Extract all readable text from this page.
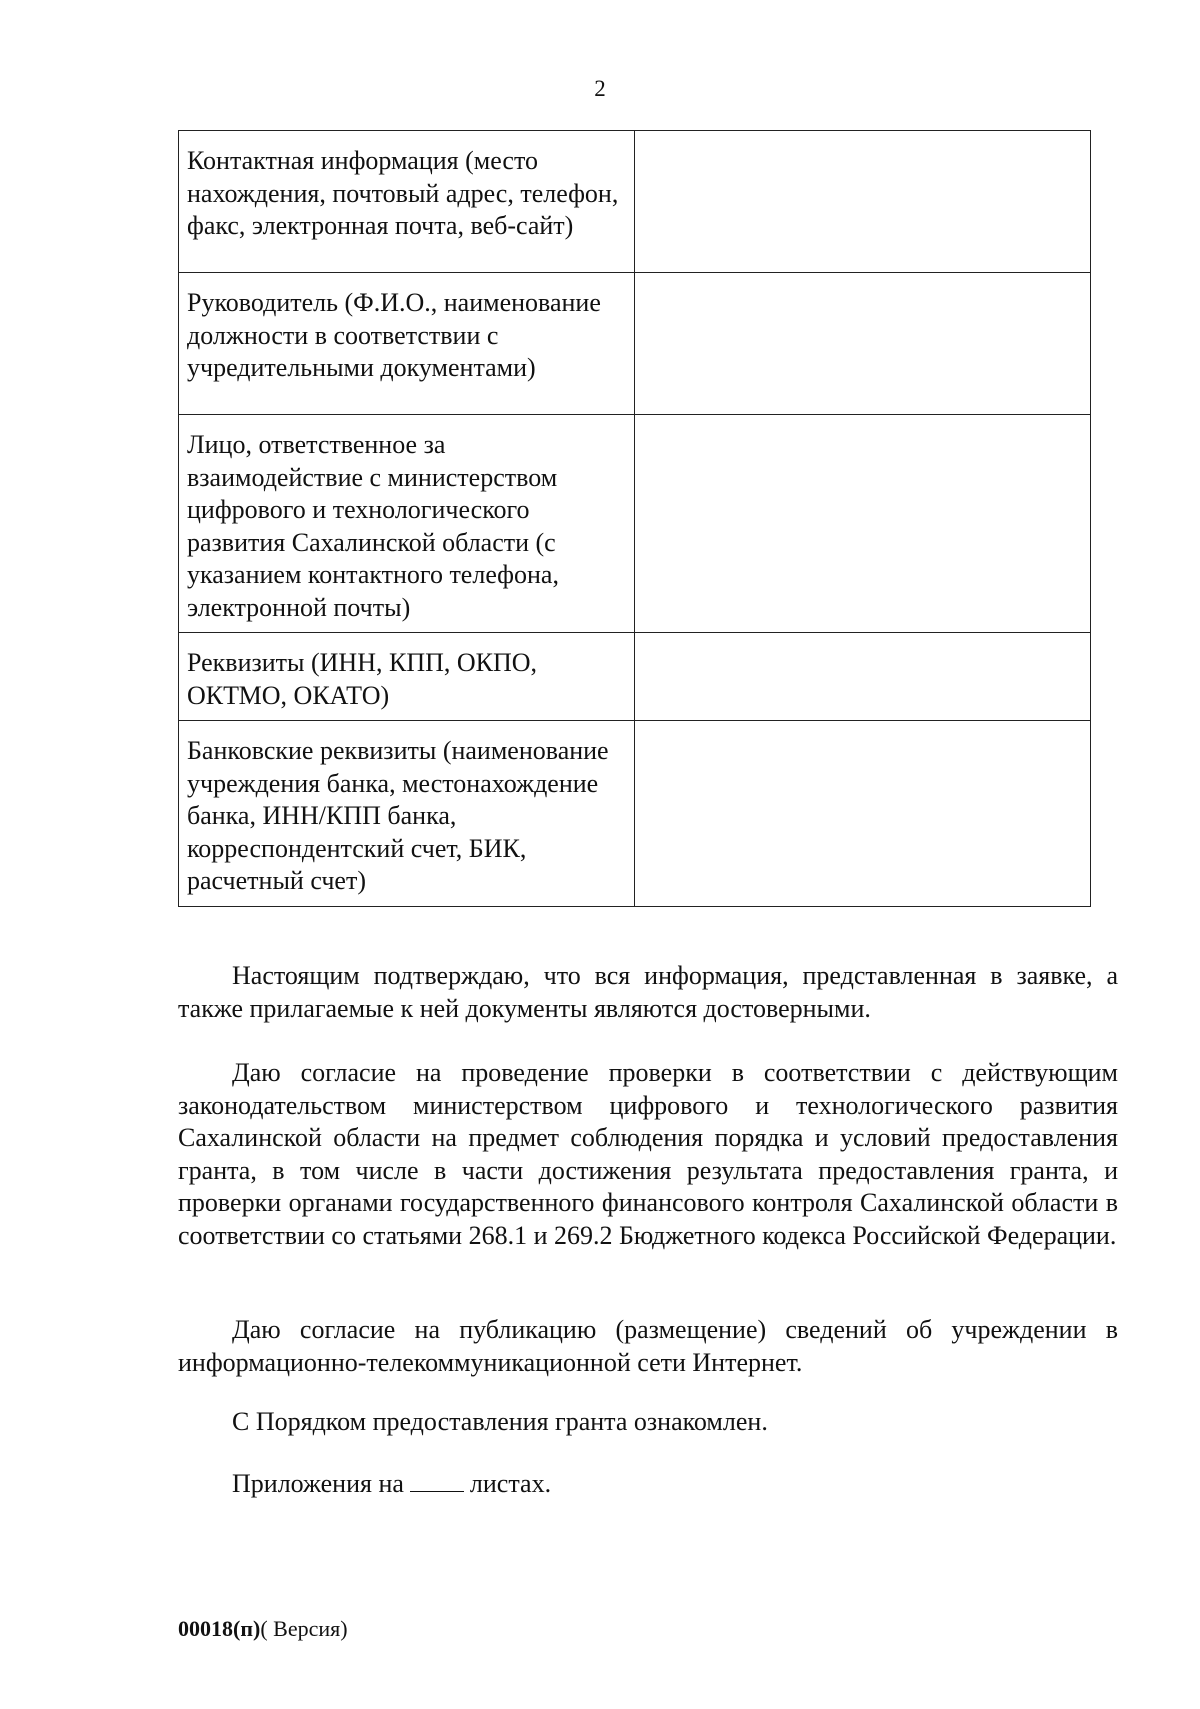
2
Контактная информация (место нахождения, почтовый адрес, телефон, факс, электронная почта, веб-сайт)	
Руководитель (Ф.И.О., наименование должности в соответствии с учредительными документами)	
Лицо, ответственное за взаимодействие с министерством цифрового и технологического развития Сахалинской области (с указанием контактного телефона, электронной почты)	
Реквизиты (ИНН, КПП, ОКПО, ОКТМО, ОКАТО)	
Банковские реквизиты (наименование учреждения банка, местонахождение банка, ИНН/КПП банка, корреспондентский счет, БИК, расчетный счет)	

Настоящим подтверждаю, что вся информация, представленная в заявке, а также прилагаемые к ней документы являются достоверными.

Даю согласие на проведение проверки в соответствии с действующим законодательством министерством цифрового и технологического развития Сахалинской области на предмет соблюдения порядка и условий предоставления гранта, в том числе в части достижения результата предоставления гранта, и проверки органами государственного финансового контроля Сахалинской области в соответствии со статьями 268.1 и 269.2 Бюджетного кодекса Российской Федерации.

Даю согласие на публикацию (размещение) сведений об учреждении в информационно-телекоммуникационной сети Интернет.

С Порядком предоставления гранта ознакомлен.

Приложения на	листах.

00018(п)( Версия)
